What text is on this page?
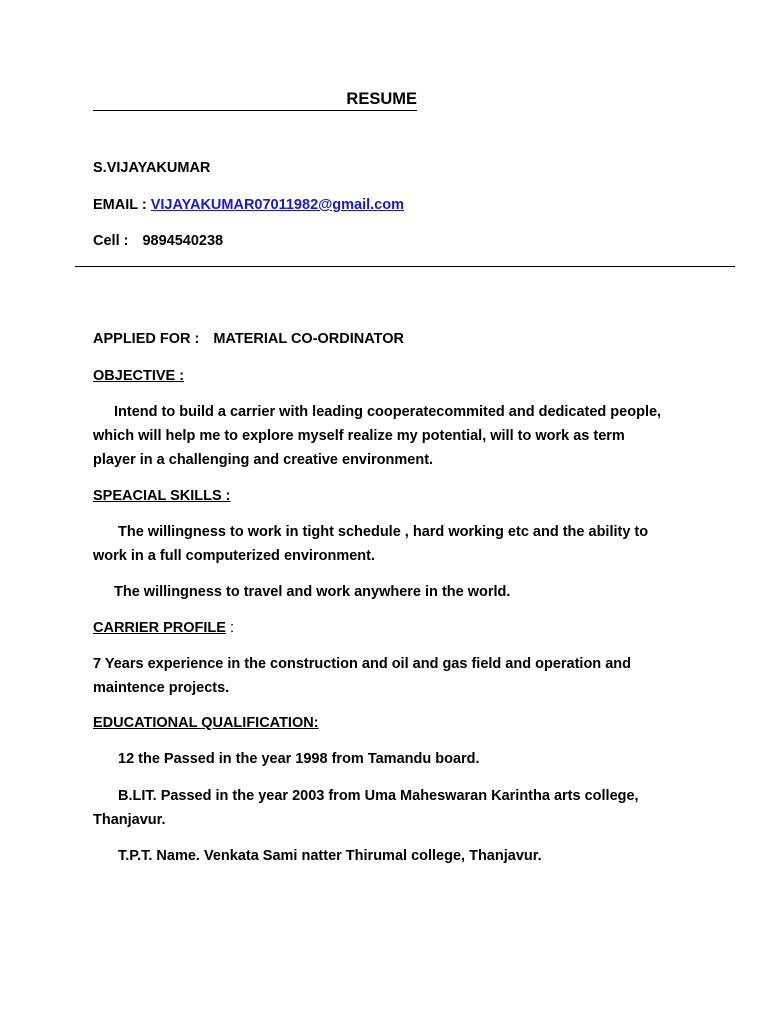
RESUME
S.VIJAYAKUMAR
EMAIL : VIJAYAKUMAR07011982@gmail.com
Cell : 9894540238
APPLIED FOR : MATERIAL CO-ORDINATOR
OBJECTIVE :
Intend to build a carrier with leading cooperatecommited and dedicated people, which will help me to explore myself realize my potential, will to work as term player in a challenging and creative environment.
SPEACIAL SKILLS :
The willingness to work in tight schedule , hard working etc and the ability to work in a full computerized environment.
The willingness to travel and work anywhere in the world.
CARRIER PROFILE :
7 Years experience in the construction and oil and gas field and operation and maintence projects.
EDUCATIONAL QUALIFICATION:
12 the Passed in the year 1998 from Tamandu board.
B.LIT. Passed in the year 2003 from Uma Maheswaran Karintha arts college, Thanjavur.
T.P.T. Name. Venkata Sami natter Thirumal college, Thanjavur.
